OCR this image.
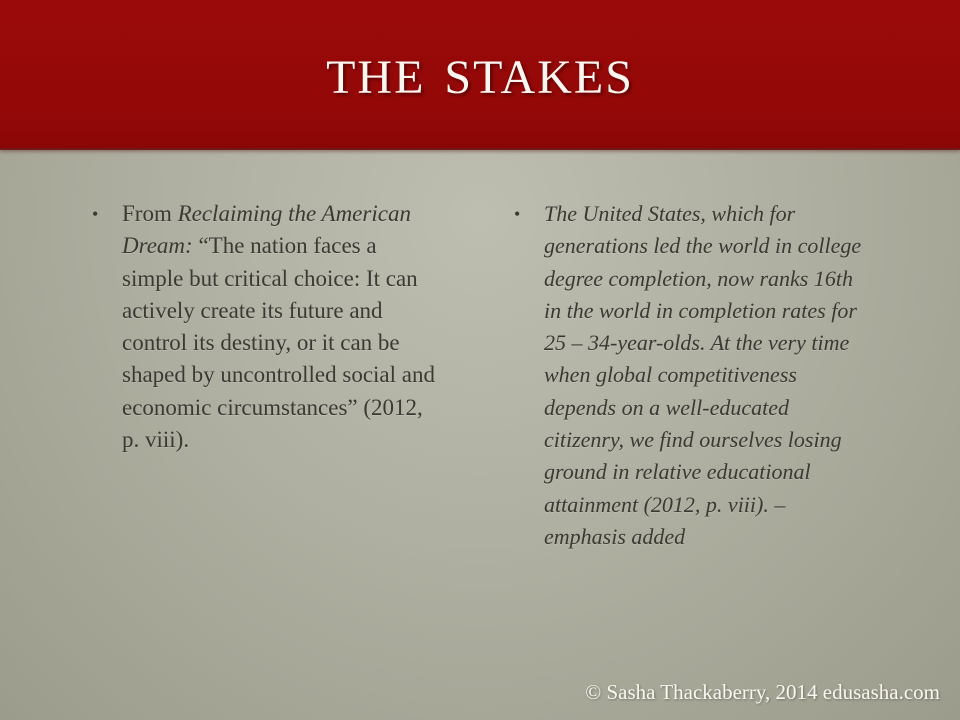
the stakes
•	From Reclaiming the American Dream: “The nation faces a simple but critical choice: It can actively create its future and control its destiny, or it can be shaped by uncontrolled social and economic circumstances” (2012, p. viii).
•	The United States, which for generations led the world in college degree completion, now ranks 16th in the world in completion rates for 25 – 34-year-olds. At the very time when global competitiveness depends on a well-educated citizenry, we find ourselves losing ground in relative educational attainment (2012, p. viii). – emphasis added
© Sasha Thackaberry, 2014 edusasha.com
